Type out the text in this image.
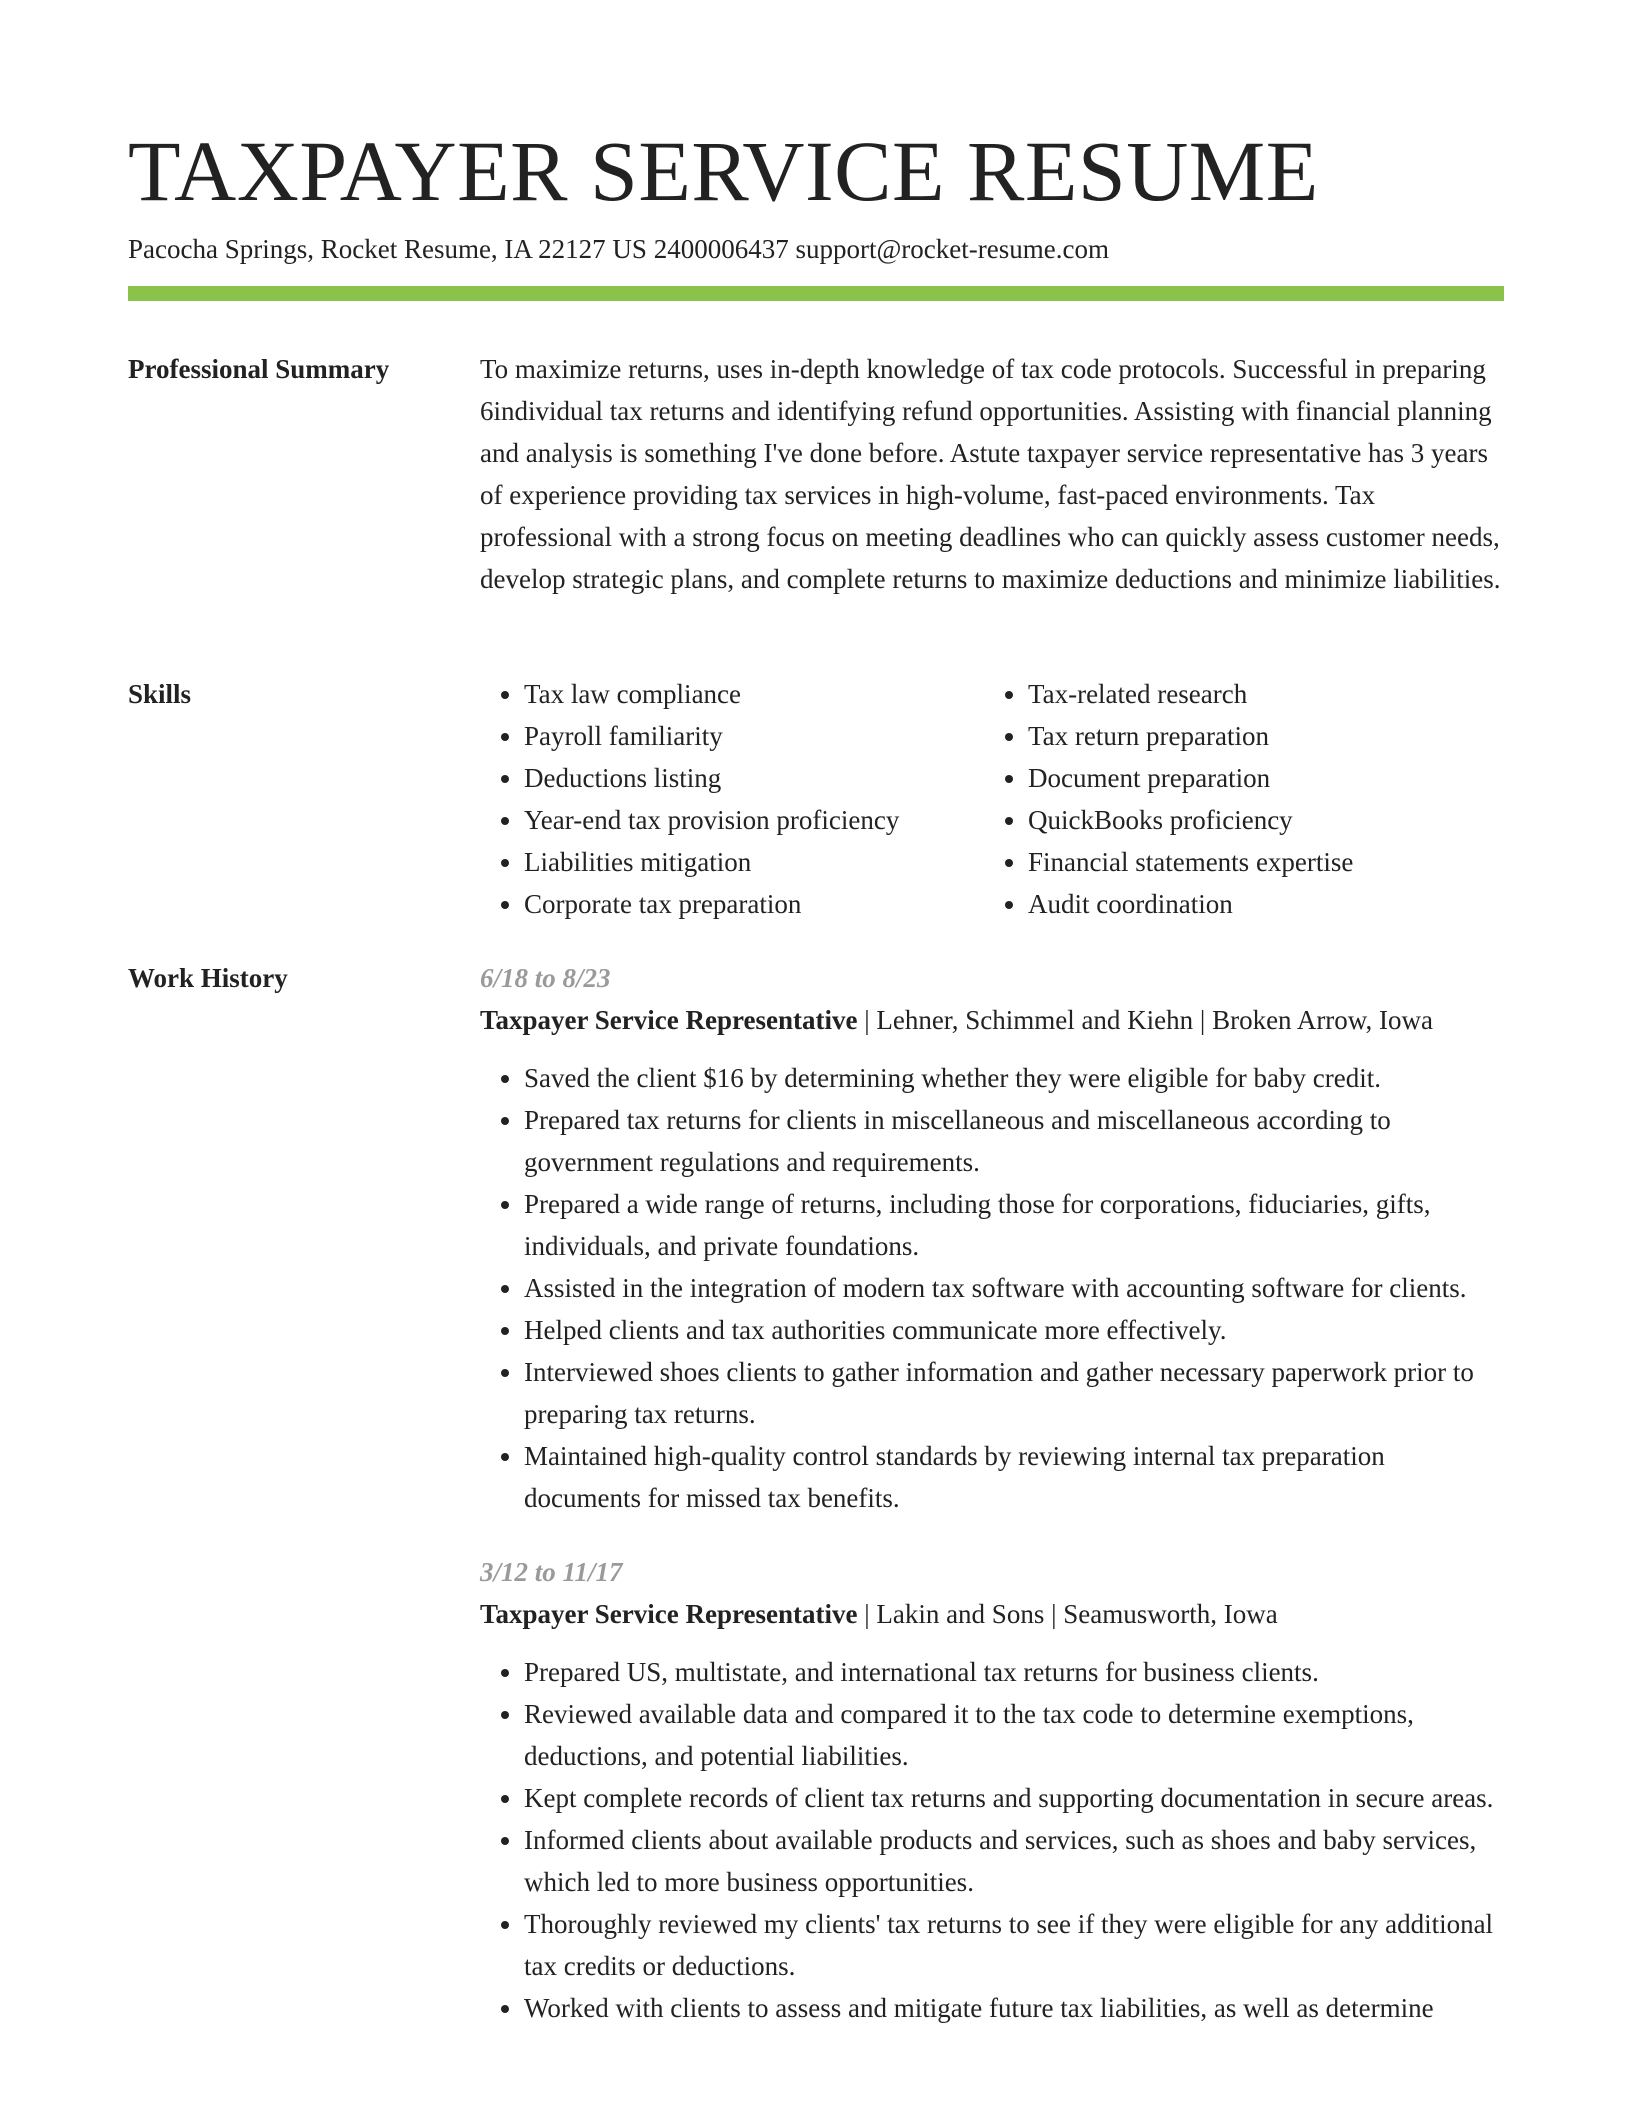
TAXPAYER SERVICE RESUME
Pacocha Springs, Rocket Resume, IA 22127 US 2400006437 support@rocket-resume.com
Professional Summary	To maximize returns, uses in-depth knowledge of tax code protocols. Successful in preparing 6individual tax returns and identifying refund opportunities. Assisting with financial planning and analysis is something I've done before. Astute taxpayer service representative has 3 years of experience providing tax services in high-volume, fast-paced environments. Tax professional with a strong focus on meeting deadlines who can quickly assess customer needs, develop strategic plans, and complete returns to maximize deductions and minimize liabilities.

Skills
•	Tax law compliance
• Payroll familiarity
• Deductions listing
• Year-end tax provision proficiency
• Liabilities mitigation
• Corporate tax preparation
• Tax-related research
• Tax return preparation
• Document preparation
• QuickBooks proficiency
• Financial statements expertise
• Audit coordination
Work History	6/18 to 8/23
Taxpayer Service Representative | Lehner, Schimmel and Kiehn | Broken Arrow, Iowa
• Saved the client $16 by determining whether they were eligible for baby credit.
• Prepared tax returns for clients in miscellaneous and miscellaneous according to government regulations and requirements.
• Prepared a wide range of returns, including those for corporations, fiduciaries, gifts, individuals, and private foundations.
• Assisted in the integration of modern tax software with accounting software for clients.
• Helped clients and tax authorities communicate more effectively.
• Interviewed shoes clients to gather information and gather necessary paperwork prior to preparing tax returns.
• Maintained high-quality control standards by reviewing internal tax preparation documents for missed tax benefits.
3/12 to 11/17
Taxpayer Service Representative | Lakin and Sons | Seamusworth, Iowa
• Prepared US, multistate, and international tax returns for business clients.
• Reviewed available data and compared it to the tax code to determine exemptions, deductions, and potential liabilities.
• Kept complete records of client tax returns and supporting documentation in secure areas.
• Informed clients about available products and services, such as shoes and baby services, which led to more business opportunities.
• Thoroughly reviewed my clients' tax returns to see if they were eligible for any additional tax credits or deductions.
• Worked with clients to assess and mitigate future tax liabilities, as well as determine
